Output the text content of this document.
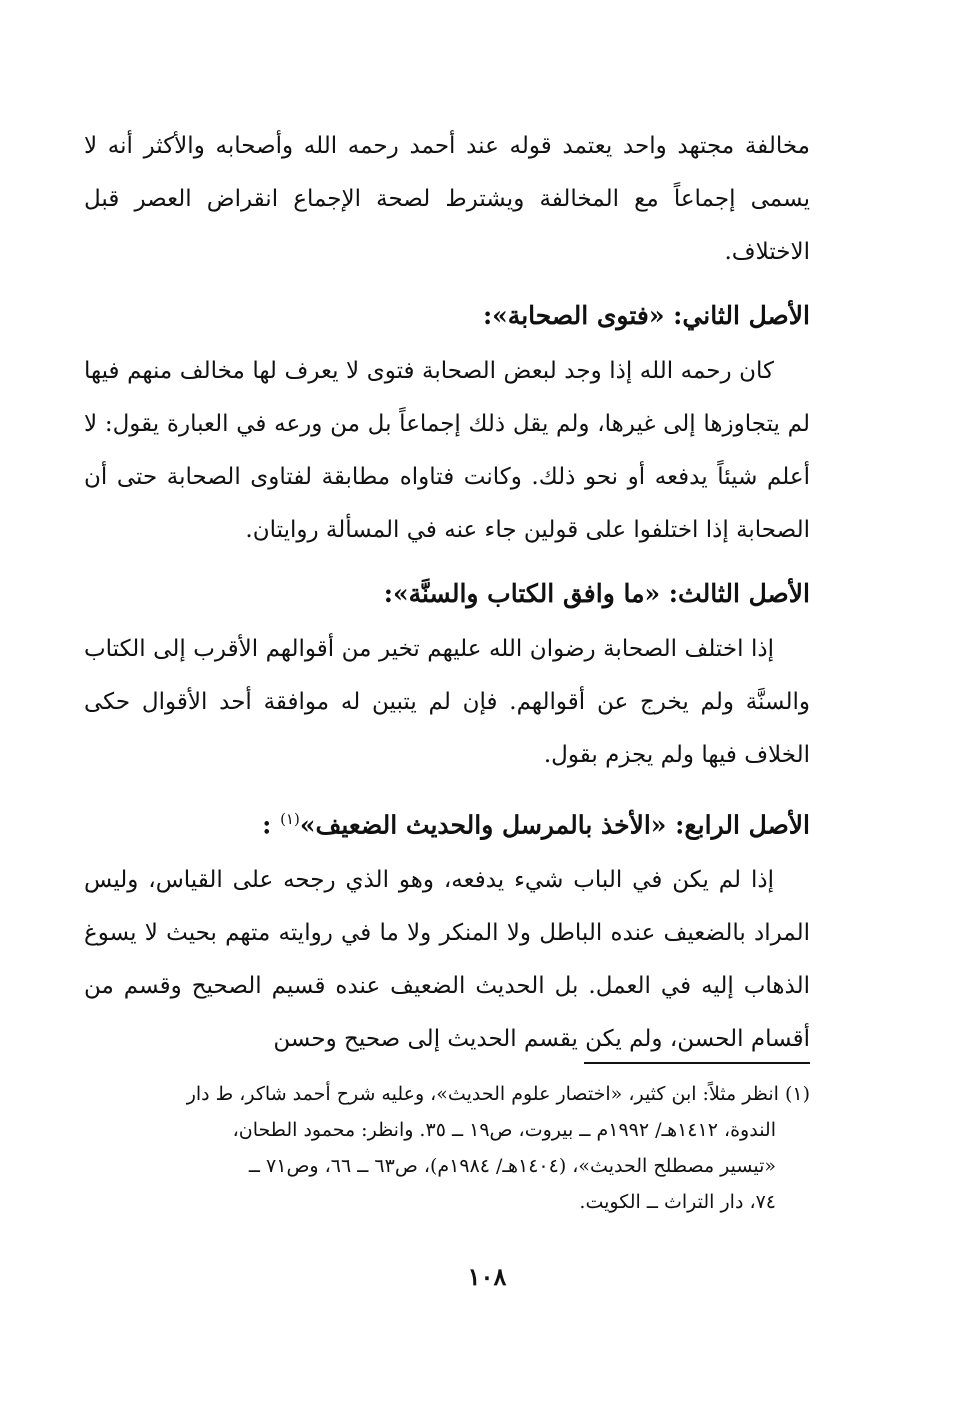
مخالفة مجتهد واحد يعتمد قوله عند أحمد رحمه الله وأصحابه والأكثر أنه لا يسمى إجماعاً مع المخالفة ويشترط لصحة الإجماع انقراض العصر قبل الاختلاف.

الأصل الثاني: «فتوى الصحابة»:

كان رحمه الله إذا وجد لبعض الصحابة فتوى لا يعرف لها مخالف منهم فيها لم يتجاوزها إلى غيرها، ولم يقل ذلك إجماعاً بل من ورعه في العبارة يقول: لا أعلم شيئاً يدفعه أو نحو ذلك. وكانت فتاواه مطابقة لفتاوى الصحابة حتى أن الصحابة إذا اختلفوا على قولين جاء عنه في المسألة روايتان.

الأصل الثالث: «ما وافق الكتاب والسنَّة»:

إذا اختلف الصحابة رضوان الله عليهم تخير من أقوالهم الأقرب إلى الكتاب والسنَّة ولم يخرج عن أقوالهم. فإن لم يتبين له موافقة أحد الأقوال حكى الخلاف فيها ولم يجزم بقول.

الأصل الرابع: «الأخذ بالمرسل والحديث الضعيف»$^{(١)}$ :

إذا لم يكن في الباب شيء يدفعه، وهو الذي رجحه على القياس، وليس المراد بالضعيف عنده الباطل ولا المنكر ولا ما في روايته متهم بحيث لا يسوغ الذهاب إليه في العمل. بل الحديث الضعيف عنده قسيم الصحيح وقسم من أقسام الحسن، ولم يكن يقسم الحديث إلى صحيح وحسن

(١) انظر مثلاً: ابن كثير، «اختصار علوم الحديث»، وعليه شرح أحمد شاكر، ط دار

الندوة، ١٤١٢هـ/ ١٩٩٢م ــ بيروت، ص١٩ ــ ٣٥. وانظر: محمود الطحان،

«تيسير مصطلح الحديث»، (١٤٠٤هـ/ ١٩٨٤م)، ص٦٣ ــ ٦٦، وص٧١ ــ

٧٤، دار التراث ــ الكويت.

١٠٨
